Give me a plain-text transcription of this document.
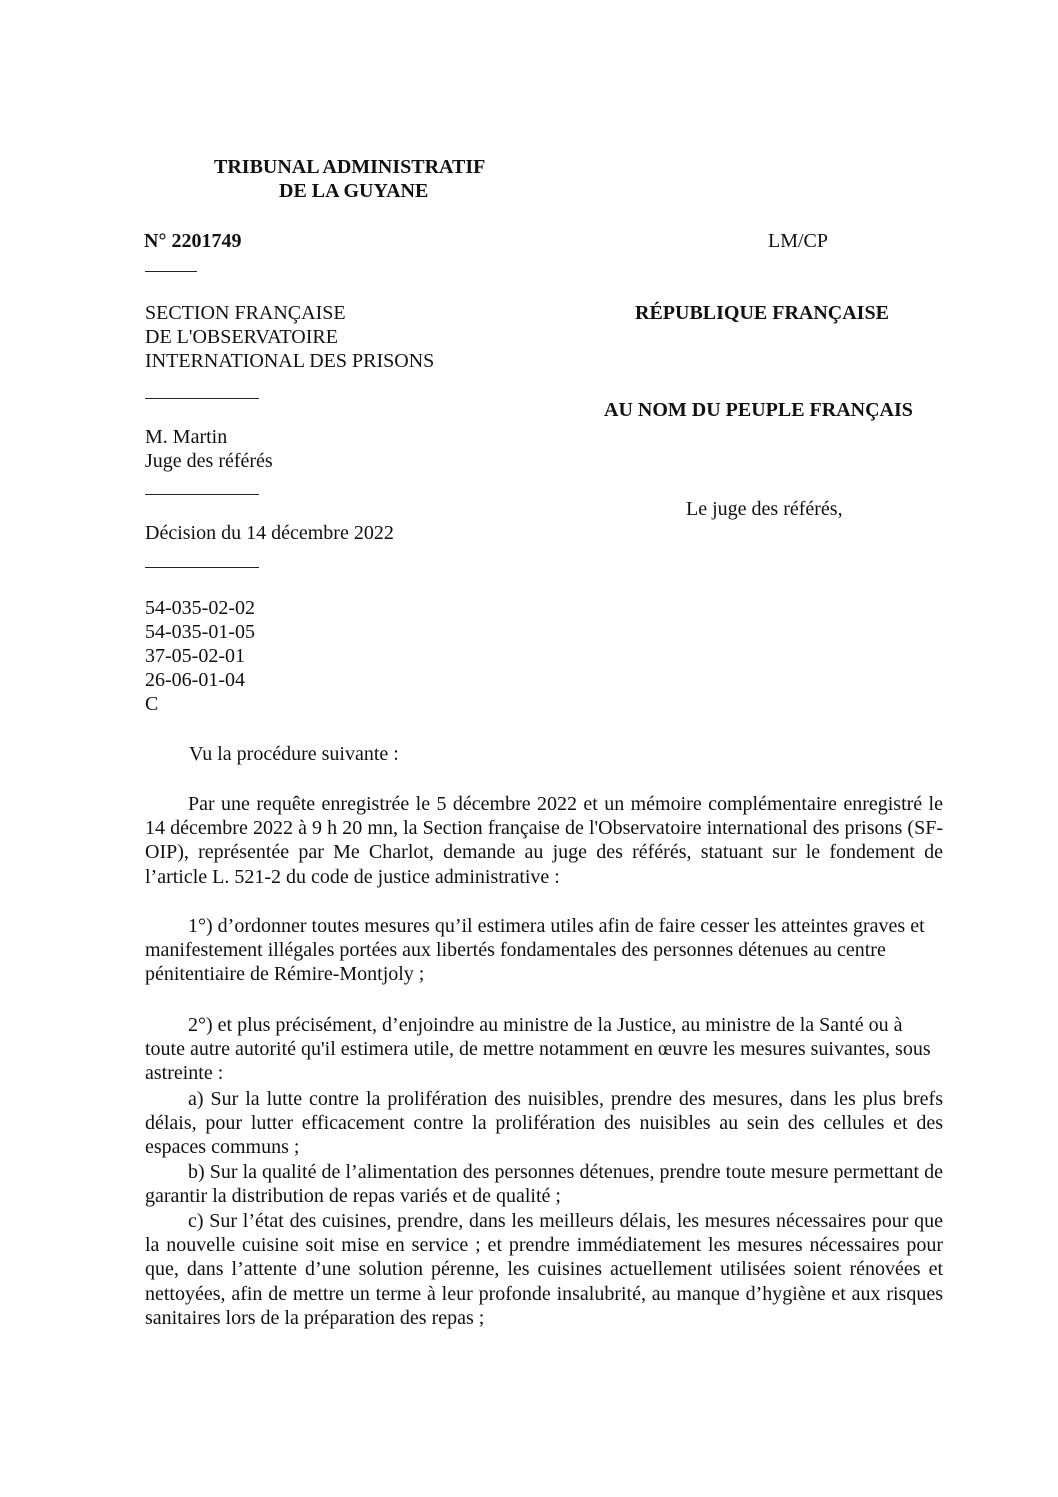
TRIBUNAL ADMINISTRATIF

DE LA GUYANE

N° 2201749	LM/CP

SECTION FRANÇAISE

DE L'OBSERVATOIRE

INTERNATIONAL DES PRISONS

RÉPUBLIQUE FRANÇAISE

AU NOM DU PEUPLE FRANÇAIS

M. Martin

Juge des référés

Le juge des référés,

Décision du 14 décembre 2022

54-035-02-02

54-035-01-05

37-05-02-01

26-06-01-04

C

Vu la procédure suivante :

Par une requête enregistrée le 5 décembre 2022 et un mémoire complémentaire enregistré le 14 décembre 2022 à 9 h 20 mn, la Section française de l'Observatoire international des prisons (SF-OIP), représentée par Me Charlot, demande au juge des référés, statuant sur le fondement de l’article L. 521-2 du code de justice administrative :

1°) d’ordonner toutes mesures qu’il estimera utiles afin de faire cesser les atteintes graves et manifestement illégales portées aux libertés fondamentales des personnes détenues au centre pénitentiaire de Rémire-Montjoly ;

2°) et plus précisément, d’enjoindre au ministre de la Justice, au ministre de la Santé ou à toute autre autorité qu'il estimera utile, de mettre notamment en œuvre les mesures suivantes, sous astreinte :

a) Sur la lutte contre la prolifération des nuisibles, prendre des mesures, dans les plus brefs délais, pour lutter efficacement contre la prolifération des nuisibles au sein des cellules et des espaces communs ;

b) Sur la qualité de l’alimentation des personnes détenues, prendre toute mesure permettant de garantir la distribution de repas variés et de qualité ;

c) Sur l’état des cuisines, prendre, dans les meilleurs délais, les mesures nécessaires pour que la nouvelle cuisine soit mise en service ; et prendre immédiatement les mesures nécessaires pour que, dans l’attente d’une solution pérenne, les cuisines actuellement utilisées soient rénovées et nettoyées, afin de mettre un terme à leur profonde insalubrité, au manque d’hygiène et aux risques sanitaires lors de la préparation des repas ;
